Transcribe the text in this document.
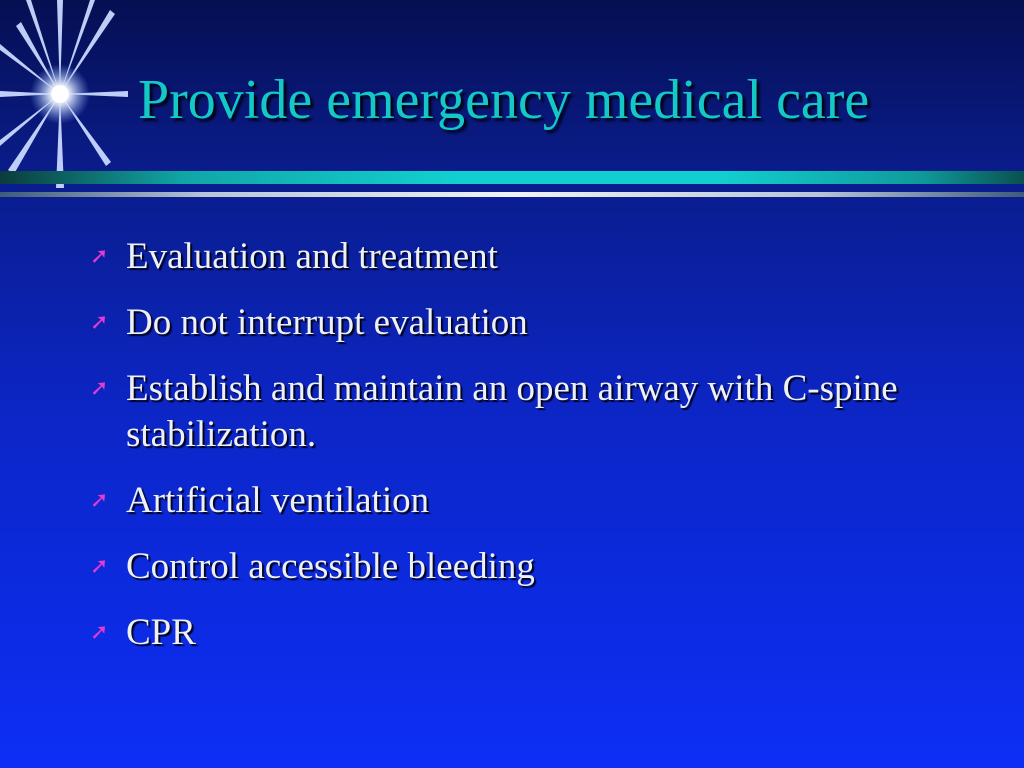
Provide emergency medical care
➚ Evaluation and treatment
➚ Do not interrupt evaluation
➚ Establish and maintain an open airway with C-spine stabilization.
➚ Artificial ventilation
➚ Control accessible bleeding
➚ CPR
